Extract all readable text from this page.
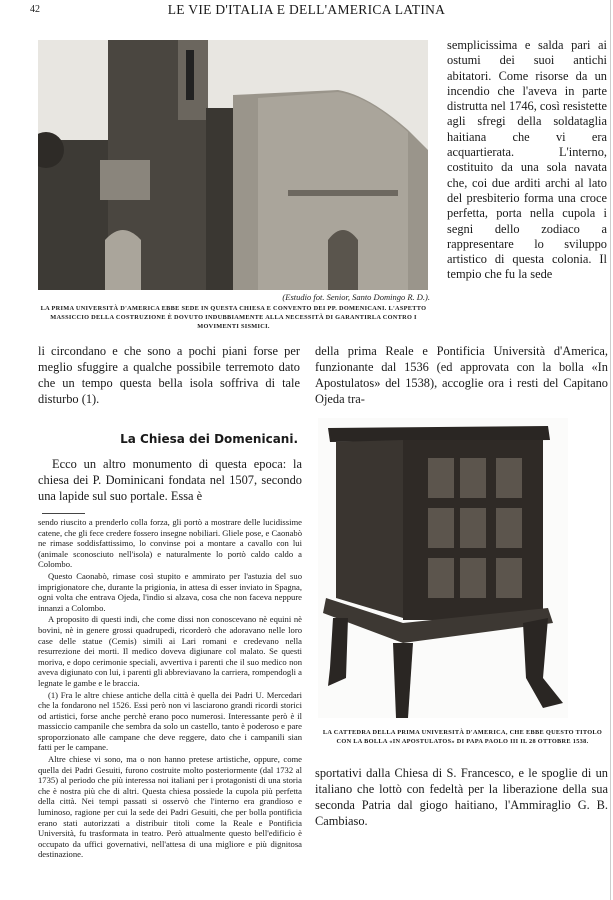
42	LE VIE D'ITALIA E DELL'AMERICA LATINA
(Estudio fot. Senior, Santo Domingo R. D.).
LA PRIMA UNIVERSITÀ D'AMERICA EBBE SEDE IN QUESTA CHIESA E CONVENTO DEI PP. DOMENICANI. L'ASPETTO MASSICCIO DELLA COSTRUZIONE È DOVUTO INDUBBIAMENTE ALLA NECESSITÀ DI GARANTIRLA CONTRO I MOVIMENTI SISMICI.

semplicissima e salda pari ai ostumi dei suoi antichi abitatori. Come risorse da un incendio che l'aveva in parte distrutta nel 1746, così resistette agli sfregi della soldataglia haitiana che vi era acquartierata. L'interno, costituito da una sola navata che, coi due arditi archi al lato del presbiterio forma una croce perfetta, porta nella cupola i segni dello zodiaco a rappresentare lo sviluppo artistico di questa colonia. Il tempio che fu la sede

li circondano e che sono a pochi piani forse per meglio sfuggire a qualche possibile terremoto dato che un tempo questa bella isola soffriva di tale disturbo (1).

della prima Reale e Pontificia Università d'America, funzionante dal 1536 (ed approvata con la bolla «In Apostulatos» del 1538), accoglie ora i resti del Capitano Ojeda tra-

La Chiesa dei Domenicani.

Ecco un altro monumento di questa epoca: la chiesa dei P. Dominicani fondata nel 1507, secondo una lapide sul suo portale. Essa è

sendo riuscito a prenderlo colla forza, gli portò a mostrare delle lucidissime catene, che gli fece credere fossero insegne nobiliari. Gliele pose, e Caonabò ne rimase soddisfattissimo, lo convinse poi a montare a cavallo con lui (animale sconosciuto nell'isola) e naturalmente lo portò caldo caldo a Colombo.

Questo Caonabò, rimase così stupito e ammirato per l'astuzia del suo imprigionatore che, durante la prigionia, in attesa di esser inviato in Spagna, ogni volta che entrava Ojeda, l'indio si alzava, cosa che non faceva neppure innanzi a Colombo.

A proposito di questi indi, che come dissi non conoscevano nè equini nè bovini, nè in genere grossi quadrupedi, ricorderò che adoravano nelle loro case delle statue (Cemis) simili ai Lari romani e credevano nella resurrezione dei morti. Il medico doveva digiunare col malato. Se questi moriva, e dopo cerimonie speciali, avvertiva i parenti che il suo medico non aveva digiunato con lui, i parenti gli abbreviavano la carriera, rompendogli a legnate le gambe e le braccia.

(1) Fra le altre chiese antiche della città è quella dei Padri U. Mercedari che la fondarono nel 1526. Essi però non vi lasciarono grandi ricordi storici od artistici, forse anche perchè erano poco numerosi. Interessante però è il massiccio campanile che sembra da solo un castello, tanto è poderoso e pare sproporzionato alle campane che deve reggere, dato che i campanili sian fatti per le campane.

Altre chiese vi sono, ma o non hanno pretese artistiche, oppure, come quella dei Padri Gesuiti, furono costruite molto posteriormente (dal 1732 al 1735) al periodo che più interessa noi italiani per i protagonisti di una storia che è nostra più che di altri. Questa chiesa possiede la cupola più perfetta della città. Nei tempi passati si osservò che l'interno era grandioso e luminoso, ragione per cui la sede dei Padri Gesuiti, che per bolla pontificia erano stati autorizzati a distribuir titoli come la Reale e Pontificia Università, fu trasformata in teatro. Però attualmente questo bell'edificio è occupato da uffici governativi, nell'attesa di una migliore e più dignitosa destinazione.

LA CATTEDRA DELLA PRIMA UNIVERSITÀ D'AMERICA, CHE EBBE QUESTO TITOLO CON LA BOLLA «IN APOSTULATOS» DI PAPA PAOLO III IL 28 OTTOBRE 1538.

sportativi dalla Chiesa di S. Francesco, e le spoglie di un italiano che lottò con fedeltà per la liberazione della sua seconda Patria dal giogo haitiano, l'Ammiraglio G. B. Cambiaso.
